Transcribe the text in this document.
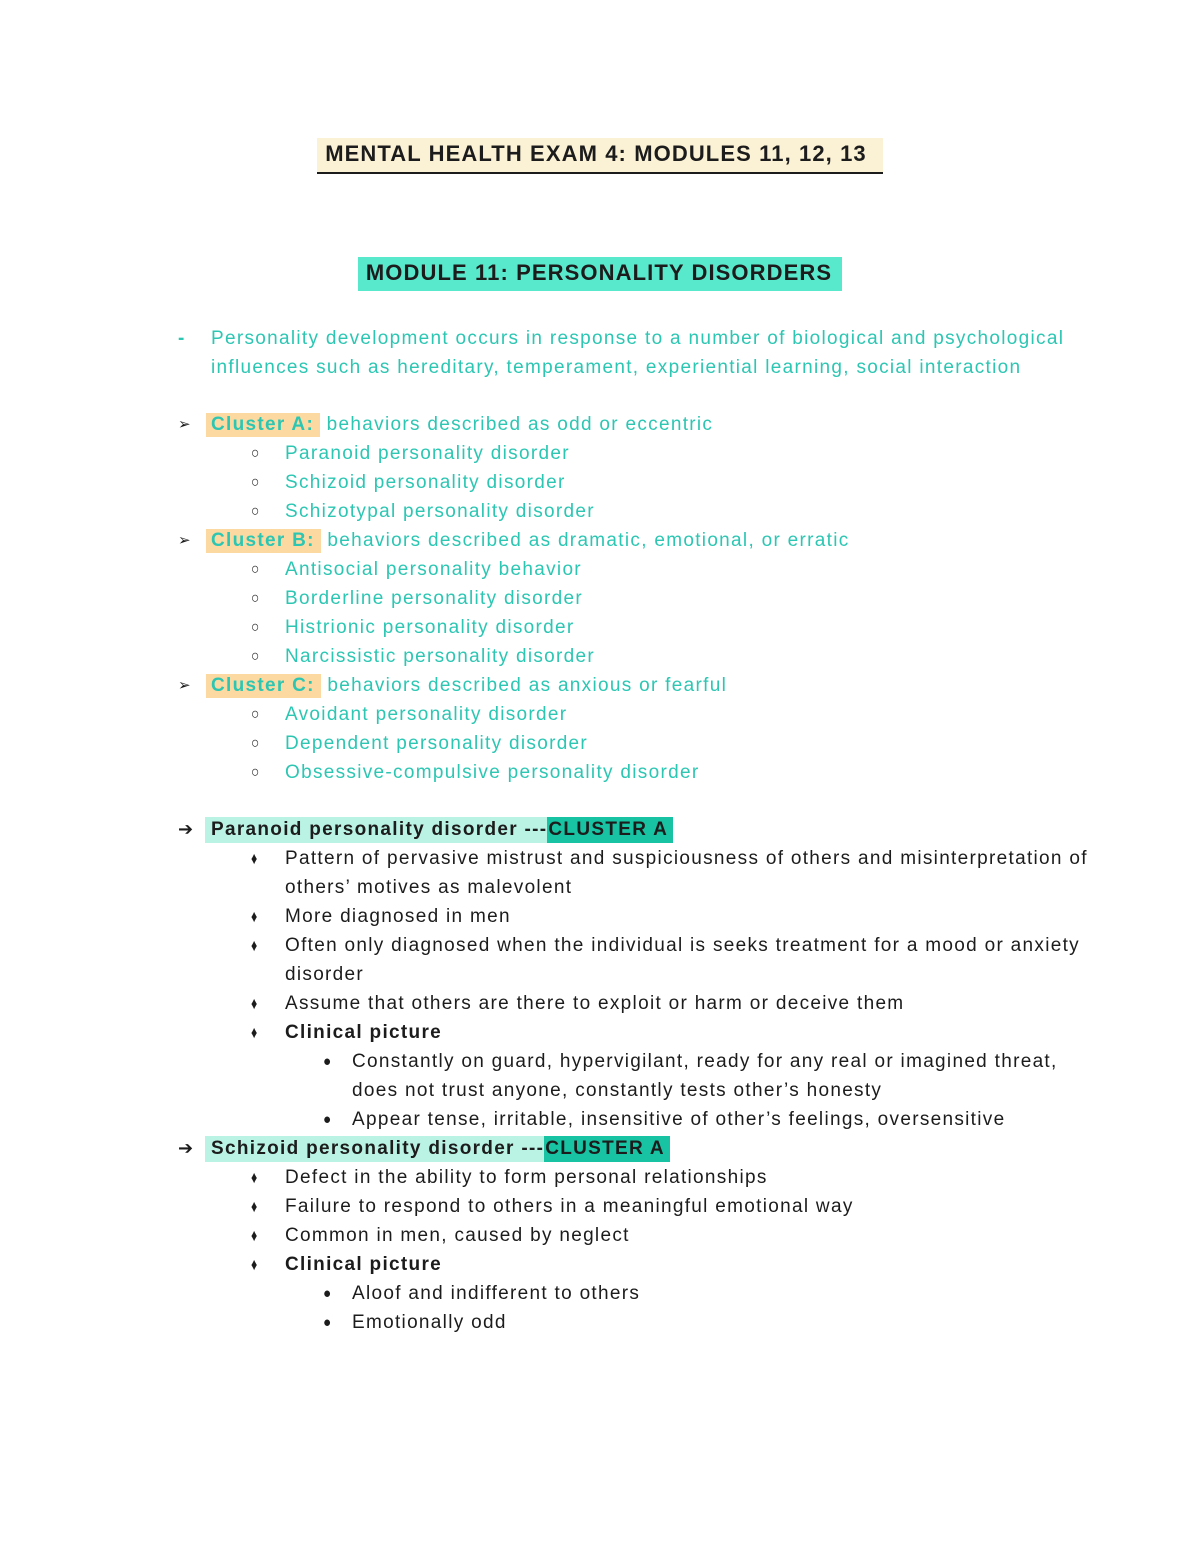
MENTAL HEALTH EXAM 4: MODULES 11, 12, 13
MODULE 11: PERSONALITY DISORDERS
- Personality development occurs in response to a number of biological and psychological influences such as hereditary, temperament, experiential learning, social interaction
➢ Cluster A: behaviors described as odd or eccentric
○ Paranoid personality disorder
○ Schizoid personality disorder
○ Schizotypal personality disorder
➢ Cluster B: behaviors described as dramatic, emotional, or erratic
○ Antisocial personality behavior
○ Borderline personality disorder
○ Histrionic personality disorder
○ Narcissistic personality disorder
➢ Cluster C: behaviors described as anxious or fearful
○ Avoidant personality disorder
○ Dependent personality disorder
○ Obsessive-compulsive personality disorder
➔ Paranoid personality disorder ---CLUSTER A
♦ Pattern of pervasive mistrust and suspiciousness of others and misinterpretation of others’ motives as malevolent
♦ More diagnosed in men
♦ Often only diagnosed when the individual is seeks treatment for a mood or anxiety disorder
♦ Assume that others are there to exploit or harm or deceive them
♦ Clinical picture
● Constantly on guard, hypervigilant, ready for any real or imagined threat, does not trust anyone, constantly tests other’s honesty
● Appear tense, irritable, insensitive of other’s feelings, oversensitive
➔ Schizoid personality disorder ---CLUSTER A
♦ Defect in the ability to form personal relationships
♦ Failure to respond to others in a meaningful emotional way
♦ Common in men, caused by neglect
♦ Clinical picture
● Aloof and indifferent to others
● Emotionally odd
